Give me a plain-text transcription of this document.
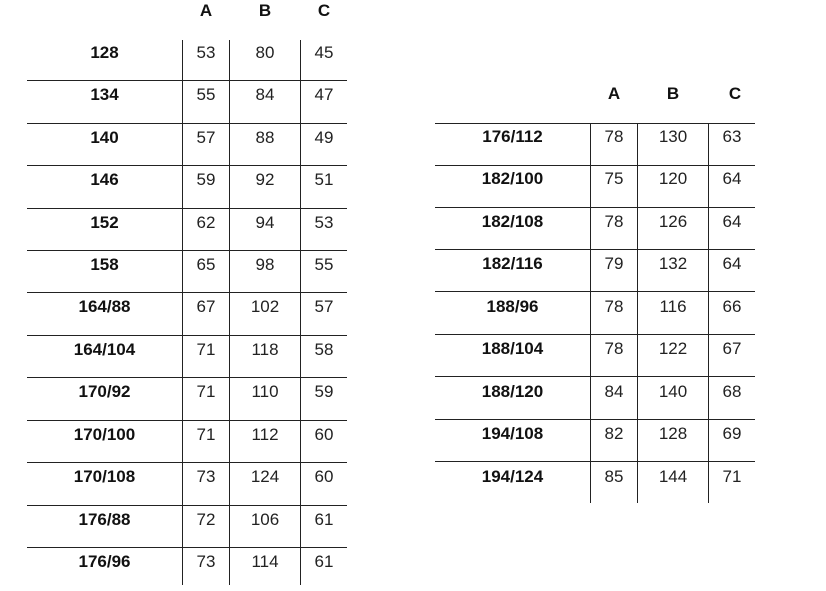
A	B	C
128	53	80	45
134	55	84	47
140	57	88	49
146	59	92	51
152	62	94	53
158	65	98	55
164/88	67	102	57
164/104	71	118	58
170/92	71	110	59
170/100	71	112	60
170/108	73	124	60
176/88	72	106	61
176/96	73	114	61
A	B	C
176/112	78	130	63
182/100	75	120	64
182/108	78	126	64
182/116	79	132	64
188/96	78	116	66
188/104	78	122	67
188/120	84	140	68
194/108	82	128	69
194/124	85	144	71
